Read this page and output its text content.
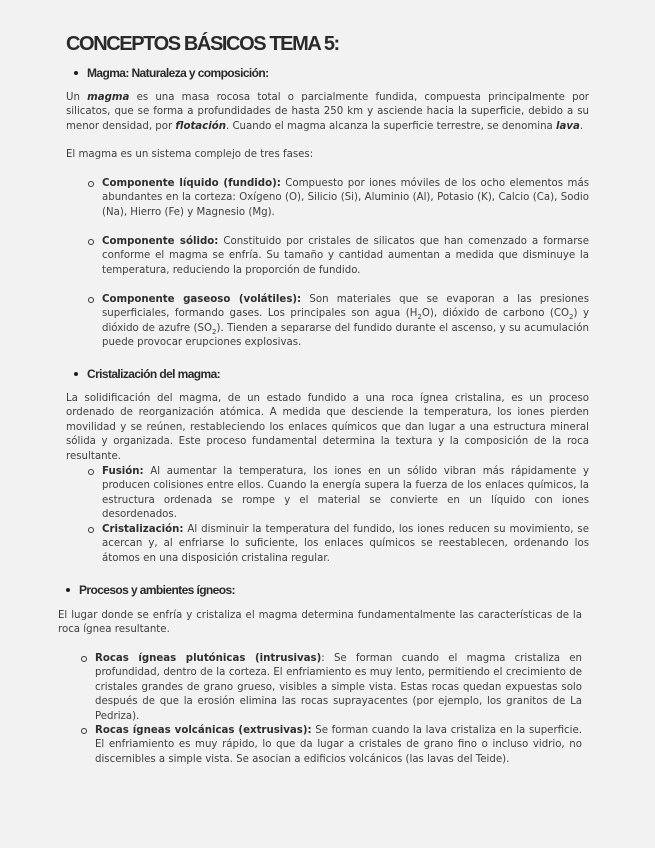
CONCEPTOS BÁSICOS TEMA 5:
Magma: Naturaleza y composición:
Un magma es una masa rocosa total o parcialmente fundida, compuesta principalmente por silicatos, que se forma a profundidades de hasta 250 km y asciende hacia la superficie, debido a su menor densidad, por flotación. Cuando el magma alcanza la superficie terrestre, se denomina lava.
El magma es un sistema complejo de tres fases:
Componente líquido (fundido): Compuesto por iones móviles de los ocho elementos más abundantes en la corteza: Oxígeno (O), Silicio (Si), Aluminio (Al), Potasio (K), Calcio (Ca), Sodio (Na), Hierro (Fe) y Magnesio (Mg).
Componente sólido: Constituido por cristales de silicatos que han comenzado a formarse conforme el magma se enfría. Su tamaño y cantidad aumentan a medida que disminuye la temperatura, reduciendo la proporción de fundido.
Componente gaseoso (volátiles): Son materiales que se evaporan a las presiones superficiales, formando gases. Los principales son agua $(H_2O)$, dióxido de carbono $(CO_2)$ y dióxido de azufre $(SO_2)$. Tienden a separarse del fundido durante el ascenso, y su acumulación puede provocar erupciones explosivas.
Cristalización del magma:
La solidificación del magma, de un estado fundido a una roca ígnea cristalina, es un proceso ordenado de reorganización atómica. A medida que desciende la temperatura, los iones pierden movilidad y se reúnen, restableciendo los enlaces químicos que dan lugar a una estructura mineral sólida y organizada. Este proceso fundamental determina la textura y la composición de la roca resultante.
Fusión: Al aumentar la temperatura, los iones en un sólido vibran más rápidamente y producen colisiones entre ellos. Cuando la energía supera la fuerza de los enlaces químicos, la estructura ordenada se rompe y el material se convierte en un líquido con iones desordenados.
Cristalización: Al disminuir la temperatura del fundido, los iones reducen su movimiento, se acercan y, al enfriarse lo suficiente, los enlaces químicos se reestablecen, ordenando los átomos en una disposición cristalina regular.
Procesos y ambientes ígneos:
El lugar donde se enfría y cristaliza el magma determina fundamentalmente las características de la roca ígnea resultante.
Rocas ígneas plutónicas (intrusivas): Se forman cuando el magma cristaliza en profundidad, dentro de la corteza. El enfriamiento es muy lento, permitiendo el crecimiento de cristales grandes de grano grueso, visibles a simple vista. Estas rocas quedan expuestas solo después de que la erosión elimina las rocas suprayacentes (por ejemplo, los granitos de La Pedriza).
Rocas ígneas volcánicas (extrusivas): Se forman cuando la lava cristaliza en la superficie. El enfriamiento es muy rápido, lo que da lugar a cristales de grano fino o incluso vidrio, no discernibles a simple vista. Se asocian a edificios volcánicos (las lavas del Teide).
